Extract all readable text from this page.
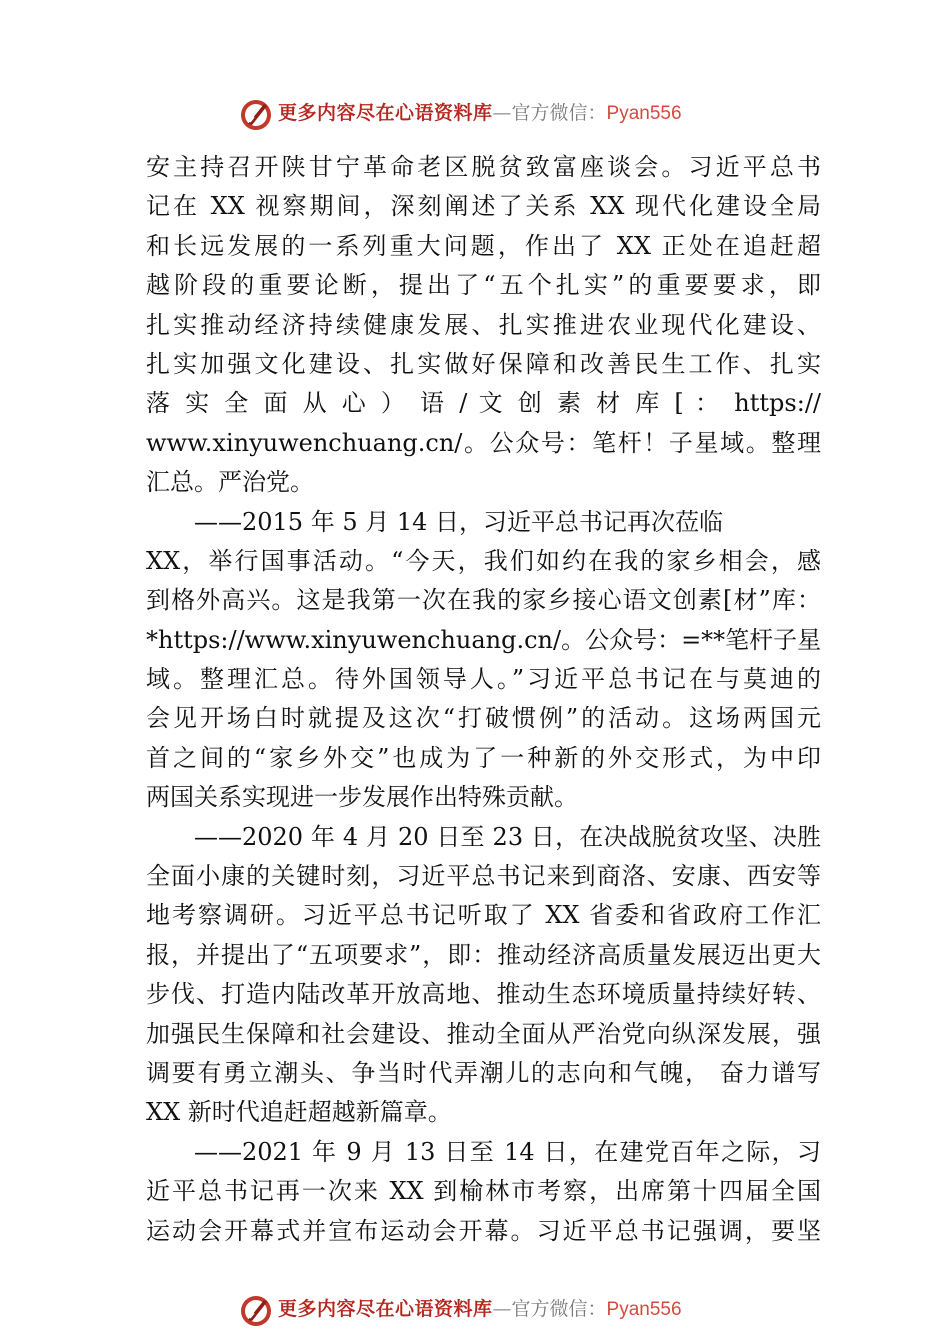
更多内容尽在心语资料库—官方微信：Pyan556
安主持召开陕甘宁革命老区脱贫致富座谈会。习近平总书
记在 XX 视察期间，深刻阐述了关系 XX 现代化建设全局
和长远发展的一系列重大问题，作出了 XX 正处在追赶超
越阶段的重要论断，提出了“五个扎实”的重要要求，即
扎实推动经济持续健康发展、扎实推进农业现代化建设、
扎实加强文化建设、扎实做好保障和改善民生工作、扎实
落 实 全 面 从 心 ） 语 / 文 创 素 材 库 [ ： https://
www.xinyuwenchuang.cn/。公众号：笔杆！子星域。整理
汇总。严治党。
——2015 年 5 月 14 日，习近平总书记再次莅临
XX，举行国事活动。“今天，我们如约在我的家乡相会，感
到格外高兴。这是我第一次在我的家乡接心语文创素[材”库：
*https://www.xinyuwenchuang.cn/。公众号：=**笔杆子星
域。整理汇总。待外国领导人。”习近平总书记在与莫迪的
会见开场白时就提及这次“打破惯例”的活动。这场两国元
首之间的“家乡外交”也成为了一种新的外交形式，为中印
两国关系实现进一步发展作出特殊贡献。
——2020 年 4 月 20 日至 23 日，在决战脱贫攻坚、决胜
全面小康的关键时刻，习近平总书记来到商洛、安康、西安等
地考察调研。习近平总书记听取了 XX 省委和省政府工作汇
报，并提出了“五项要求”，即：推动经济高质量发展迈出更大
步伐、打造内陆改革开放高地、推动生态环境质量持续好转、
加强民生保障和社会建设、推动全面从严治党向纵深发展，强
调要有勇立潮头、争当时代弄潮儿的志向和气魄， 奋力谱写
XX 新时代追赶超越新篇章。
——2021 年 9 月 13 日至 14 日，在建党百年之际，习
近平总书记再一次来 XX 到榆林市考察，出席第十四届全国
运动会开幕式并宣布运动会开幕。习近平总书记强调，要坚
更多内容尽在心语资料库—官方微信：Pyan556
